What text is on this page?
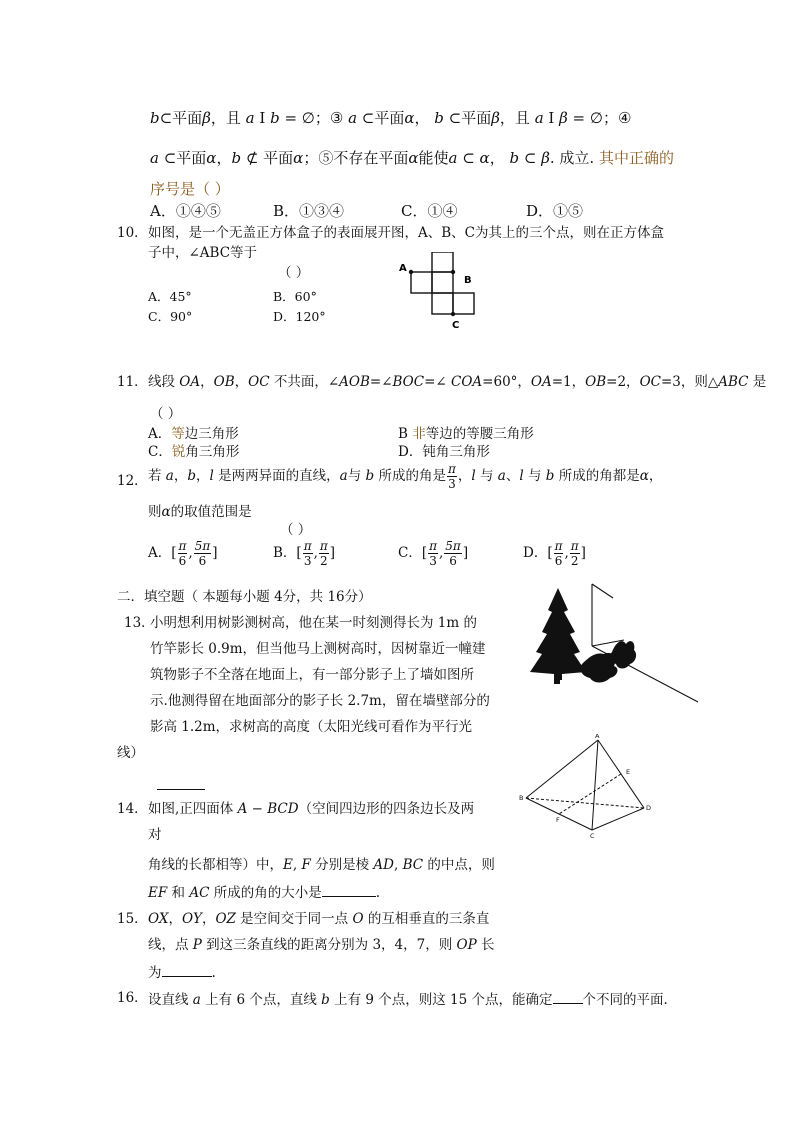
b⊂平面β，且 a I b = ∅；③ a ⊂平面α， b ⊂平面β，且 a I β = ∅；④
a ⊂平面α，b ⊄ 平面α；⑤不存在平面α能使a ⊂ α， b ⊂ β. 成立. 其中正确的
序号是（ ）
A．①④⑤	B．①③④	C．①④	D．①⑤
10． 如图，是一个无盖正方体盒子的表面展开图，A、B、C为其上的三个点，则在正方体盒
子中，∠ABC等于
（ ）
A．45°	B．60°
C．90°	D．120°
A
B
C
11． 线段 OA，OB，OC 不共面，∠AOB=∠BOC=∠ COA=60°，OA=1，OB=2，OC=3，则△ABC 是
（ ）
A．等边三角形	B 非等边的等腰三角形
C．锐角三角形	D．钝角三角形
12． 若 a，b，l 是两两异面的直线，a与 b 所成的角是 $\frac{\pi}{3}$ ，l 与 a、l 与 b 所成的角都是α，
则α的取值范围是
（ ）
A．[ $\frac{\pi}{6}$ , $\frac{5\pi}{6}$ ]	B．[ $\frac{\pi}{3}$ , $\frac{\pi}{2}$ ]	C．[ $\frac{\pi}{3}$ , $\frac{5\pi}{6}$ ]	D．[ $\frac{\pi}{6}$ , $\frac{\pi}{2}$ ]
二．填空题（ 本题每小题 4分，共 16分）
13．
小明想利用树影测树高，他在某一时刻测得长为 1m 的
竹竿影长 0.9m，但当他马上测树高时，因树靠近一幢建
筑物影子不全落在地面上，有一部分影子上了墙如图所
示.他测得留在地面部分的影子长 2.7m，留在墙壁部分的
影高 1.2m，求树高的高度（太阳光线可看作为平行光
线）
14． 如图,正四面体 A − BCD（空间四边形的四条边长及两
对
角线的长都相等）中，E, F 分别是棱 AD, BC 的中点，则
EF 和 AC 所成的角的大小是	.
A
B
C
D
E
F
15． OX，OY，OZ 是空间交于同一点 O 的互相垂直的三条直
线，点 P 到这三条直线的距离分别为 3，4，7，则 OP 长
为	.
16． 设直线 a 上有 6 个点，直线 b 上有 9 个点，则这 15 个点，能确定 个不同的平面.
